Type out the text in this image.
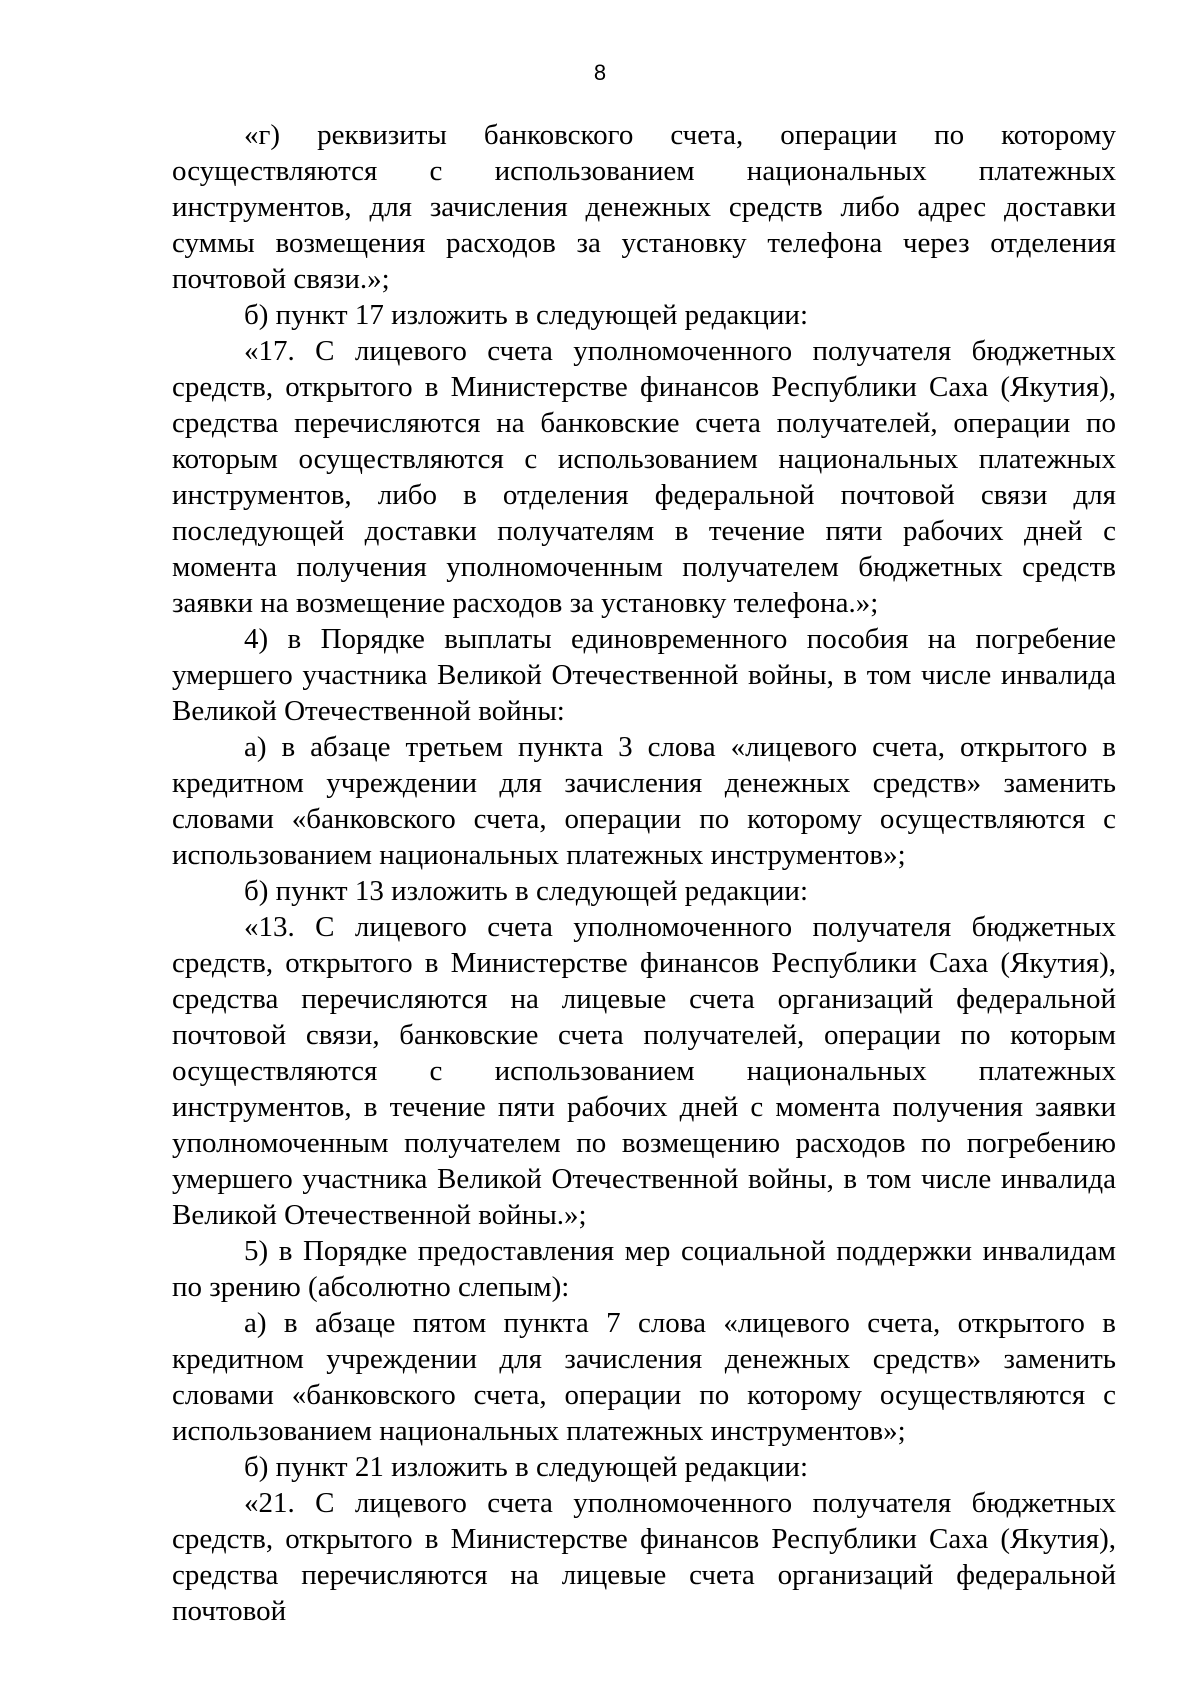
8

«г) реквизиты банковского счета, операции по которому осуществляются с использованием национальных платежных инструментов, для зачисления денежных средств либо адрес доставки суммы возмещения расходов за установку телефона через отделения почтовой связи.»;

б) пункт 17 изложить в следующей редакции:

«17. С лицевого счета уполномоченного получателя бюджетных средств, открытого в Министерстве финансов Республики Саха (Якутия), средства перечисляются на банковские счета получателей, операции по которым осуществляются с использованием национальных платежных инструментов, либо в отделения федеральной почтовой связи для последующей доставки получателям в течение пяти рабочих дней с момента получения уполномоченным получателем бюджетных средств заявки на возмещение расходов за установку телефона.»;

4) в Порядке выплаты единовременного пособия на погребение умершего участника Великой Отечественной войны, в том числе инвалида Великой Отечественной войны:

а) в абзаце третьем пункта 3 слова «лицевого счета, открытого в кредитном учреждении для зачисления денежных средств» заменить словами «банковского счета, операции по которому осуществляются с использованием национальных платежных инструментов»;

б) пункт 13 изложить в следующей редакции:

«13. С лицевого счета уполномоченного получателя бюджетных средств, открытого в Министерстве финансов Республики Саха (Якутия), средства перечисляются на лицевые счета организаций федеральной почтовой связи, банковские счета получателей, операции по которым осуществляются с использованием национальных платежных инструментов, в течение пяти рабочих дней с момента получения заявки уполномоченным получателем по возмещению расходов по погребению умершего участника Великой Отечественной войны, в том числе инвалида Великой Отечественной войны.»;

5) в Порядке предоставления мер социальной поддержки инвалидам по зрению (абсолютно слепым):

а) в абзаце пятом пункта 7 слова «лицевого счета, открытого в кредитном учреждении для зачисления денежных средств» заменить словами «банковского счета, операции по которому осуществляются с использованием национальных платежных инструментов»;

б) пункт 21 изложить в следующей редакции:

«21. С лицевого счета уполномоченного получателя бюджетных средств, открытого в Министерстве финансов Республики Саха (Якутия), средства перечисляются на лицевые счета организаций федеральной почтовой
